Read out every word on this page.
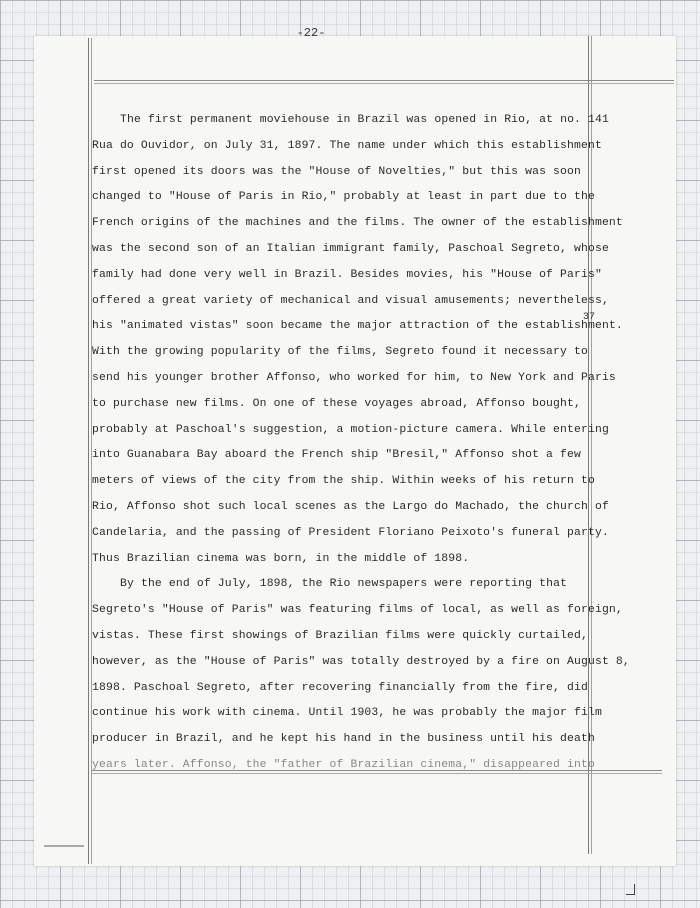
-22-
The first permanent moviehouse in Brazil was opened in Rio, at no. 141
Rua do Ouvidor, on July 31, 1897. The name under which this establishment
first opened its doors was the "House of Novelties," but this was soon
changed to "House of Paris in Rio," probably at least in part due to the
French origins of the machines and the films. The owner of the establishment
was the second son of an Italian immigrant family, Paschoal Segreto, whose
family had done very well in Brazil. Besides movies, his "House of Paris"
offered a great variety of mechanical and visual amusements; nevertheless,
his "animated vistas" soon became the major attraction of the establishment.
With the growing popularity of the films, Segreto found it necessary to
send his younger brother Affonso, who worked for him, to New York and Paris
to purchase new films. On one of these voyages abroad, Affonso bought,
probably at Paschoal's suggestion, a motion-picture camera. While entering
into Guanabara Bay aboard the French ship "Bresil," Affonso shot a few
meters of views of the city from the ship. Within weeks of his return to
Rio, Affonso shot such local scenes as the Largo do Machado, the church of
Candelaria, and the passing of President Floriano Peixoto's funeral party.
Thus Brazilian cinema was born, in the middle of 1898.
By the end of July, 1898, the Rio newspapers were reporting that
Segreto's "House of Paris" was featuring films of local, as well as foreign,
vistas. These first showings of Brazilian films were quickly curtailed,
however, as the "House of Paris" was totally destroyed by a fire on August 8,
1898. Paschoal Segreto, after recovering financially from the fire, did
continue his work with cinema. Until 1903, he was probably the major film
producer in Brazil, and he kept his hand in the business until his death
years later. Affonso, the "father of Brazilian cinema," disappeared into
37
